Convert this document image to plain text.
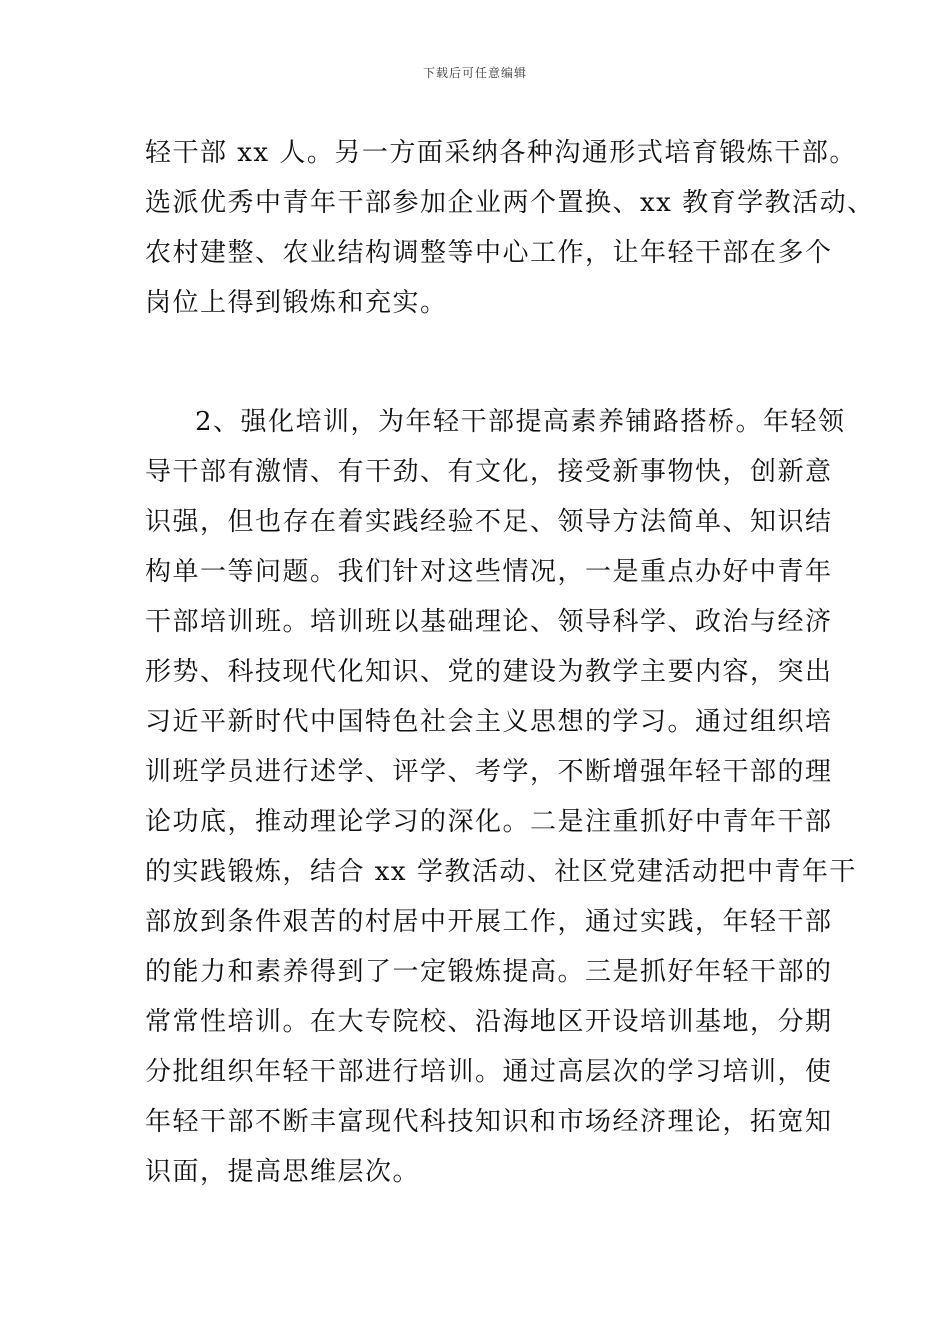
下载后可任意编辑
轻干部 xx 人。另一方面采纳各种沟通形式培育锻炼干部。
选派优秀中青年干部参加企业两个置换、xx 教育学教活动、
农村建整、农业结构调整等中心工作，让年轻干部在多个
岗位上得到锻炼和充实。
2、强化培训，为年轻干部提高素养铺路搭桥。年轻领
导干部有激情、有干劲、有文化，接受新事物快，创新意
识强，但也存在着实践经验不足、领导方法简单、知识结
构单一等问题。我们针对这些情况，一是重点办好中青年
干部培训班。培训班以基础理论、领导科学、政治与经济
形势、科技现代化知识、党的建设为教学主要内容，突出
习近平新时代中国特色社会主义思想的学习。通过组织培
训班学员进行述学、评学、考学，不断增强年轻干部的理
论功底，推动理论学习的深化。二是注重抓好中青年干部
的实践锻炼，结合 xx 学教活动、社区党建活动把中青年干
部放到条件艰苦的村居中开展工作，通过实践，年轻干部
的能力和素养得到了一定锻炼提高。三是抓好年轻干部的
常常性培训。在大专院校、沿海地区开设培训基地，分期
分批组织年轻干部进行培训。通过高层次的学习培训，使
年轻干部不断丰富现代科技知识和市场经济理论，拓宽知
识面，提高思维层次。
